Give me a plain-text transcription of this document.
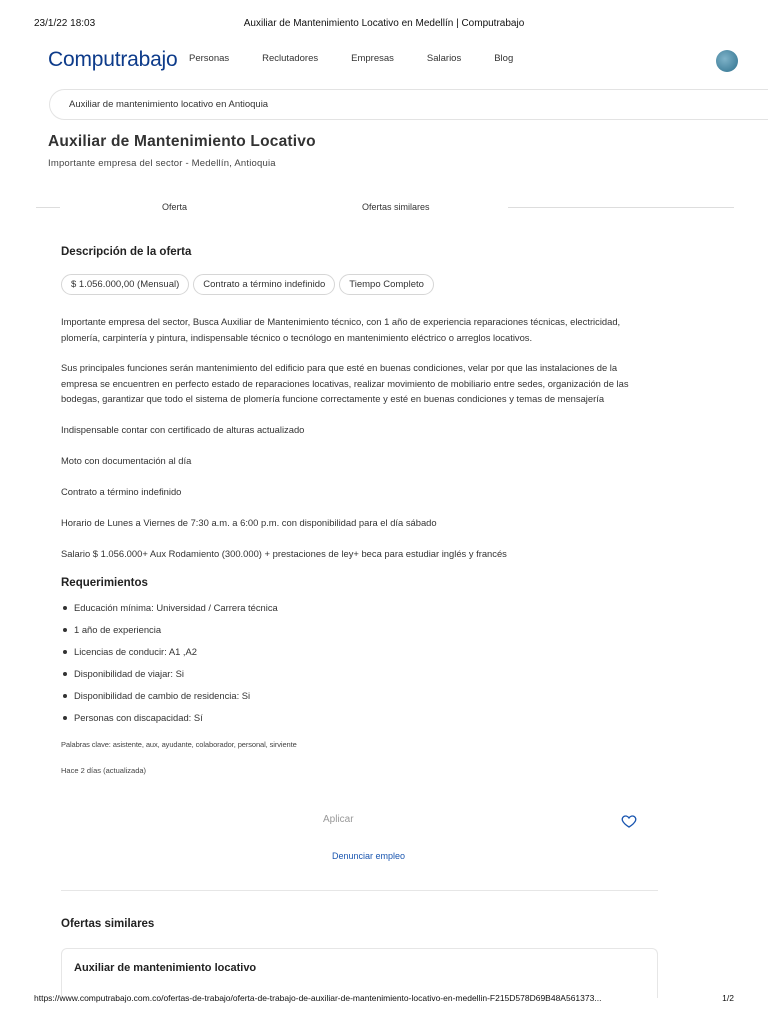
23/1/22 18:03	Auxiliar de Mantenimiento Locativo en Medellín | Computrabajo
Computrabajo Personas	Reclutadores	Empresas	Salarios	Blog
Auxiliar de mantenimiento locativo en Antioquia
Auxiliar de Mantenimiento Locativo
Importante empresa del sector - Medellín, Antioquia
Oferta	Ofertas similares
Descripción de la oferta
$ 1.056.000,00 (Mensual)	Contrato a término indefinido	Tiempo Completo

Importante empresa del sector, Busca Auxiliar de Mantenimiento técnico, con 1 año de experiencia reparaciones técnicas, electricidad, plomería, carpintería y pintura, indispensable técnico o tecnólogo en mantenimiento eléctrico o arreglos locativos.

Sus principales funciones serán mantenimiento del edificio para que esté en buenas condiciones, velar por que las instalaciones de la empresa se encuentren en perfecto estado de reparaciones locativas, realizar movimiento de mobiliario entre sedes, organización de las bodegas, garantizar que todo el sistema de plomería funcione correctamente y esté en buenas condiciones y temas de mensajería

Indispensable contar con certificado de alturas actualizado

Moto con documentación al día

Contrato a término indefinido

Horario de Lunes a Viernes de 7:30 a.m. a 6:00 p.m. con disponibilidad para el día sábado

Salario $ 1.056.000+ Aux Rodamiento (300.000) + prestaciones de ley+ beca para estudiar inglés y francés

Requerimientos
Educación mínima: Universidad / Carrera técnica
1 año de experiencia
Licencias de conducir: A1 ,A2
Disponibilidad de viajar: Si
Disponibilidad de cambio de residencia: Si
Personas con discapacidad: Sí
Palabras clave: asistente, aux, ayudante, colaborador, personal, sirviente
Hace 2 días (actualizada)
Aplicar
Denunciar empleo
Ofertas similares
Auxiliar de mantenimiento locativo
https://www.computrabajo.com.co/ofertas-de-trabajo/oferta-de-trabajo-de-auxiliar-de-mantenimiento-locativo-en-medellin-F215D578D69B48A561373...	1/2
